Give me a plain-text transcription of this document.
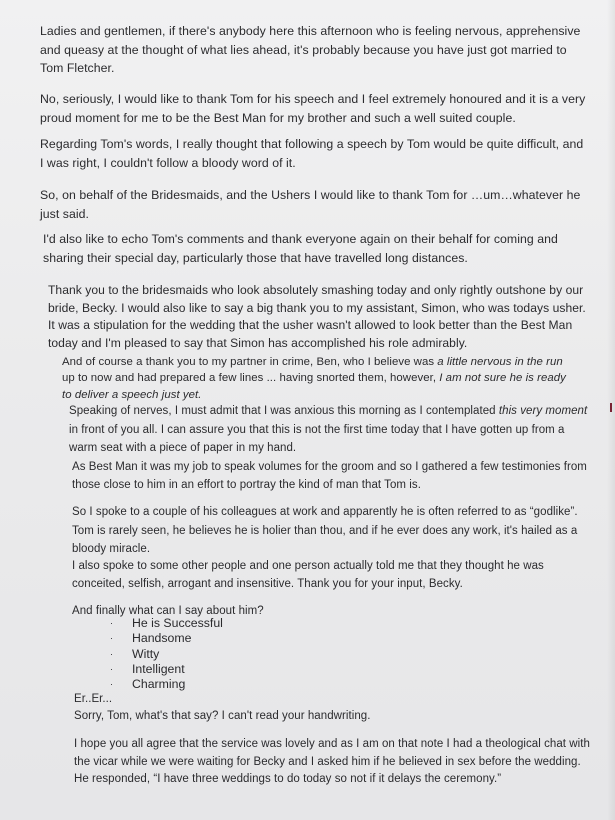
Ladies and gentlemen, if there's anybody here this afternoon who is feeling nervous, apprehensive
and queasy at the thought of what lies ahead, it's probably because you have just got married to
Tom Fletcher.
No, seriously, I would like to thank Tom for his speech and I feel extremely honoured and it is a very
proud moment for me to be the Best Man for my brother and such a well suited couple.
Regarding Tom's words, I really thought that following a speech by Tom would be quite difficult, and
I was right, I couldn't follow a bloody word of it.
So, on behalf of the Bridesmaids, and the Ushers I would like to thank Tom for …um…whatever he
just said.
I'd also like to echo Tom's comments and thank everyone again on their behalf for coming and
sharing their special day, particularly those that have travelled long distances.
Thank you to the bridesmaids who look absolutely smashing today and only rightly outshone by our
bride, Becky. I would also like to say a big thank you to my assistant, Simon, who was todays usher.
It was a stipulation for the wedding that the usher wasn't allowed to look better than the Best Man
today and I'm pleased to say that Simon has accomplished his role admirably.
And of course a thank you to my partner in crime, Ben, who I believe was a little nervous in the run
up to now and had prepared a few lines ... having snorted them, however, I am not sure he is ready
to deliver a speech just yet.
Speaking of nerves, I must admit that I was anxious this morning as I contemplated this very moment
in front of you all. I can assure you that this is not the first time today that I have gotten up from a
warm seat with a piece of paper in my hand.
As Best Man it was my job to speak volumes for the groom and so I gathered a few testimonies from
those close to him in an effort to portray the kind of man that Tom is.
So I spoke to a couple of his colleagues at work and apparently he is often referred to as “godlike”.
Tom is rarely seen, he believes he is holier than thou, and if he ever does any work, it's hailed as a
bloody miracle.
I also spoke to some other people and one person actually told me that they thought he was
conceited, selfish, arrogant and insensitive. Thank you for your input, Becky.
And finally what can I say about him?
· He is Successful
· Handsome
· Witty
· Intelligent
· Charming
Er..Er...
Sorry, Tom, what's that say? I can't read your handwriting.
I hope you all agree that the service was lovely and as I am on that note I had a theological chat with
the vicar while we were waiting for Becky and I asked him if he believed in sex before the wedding.
He responded, “I have three weddings to do today so not if it delays the ceremony.”
